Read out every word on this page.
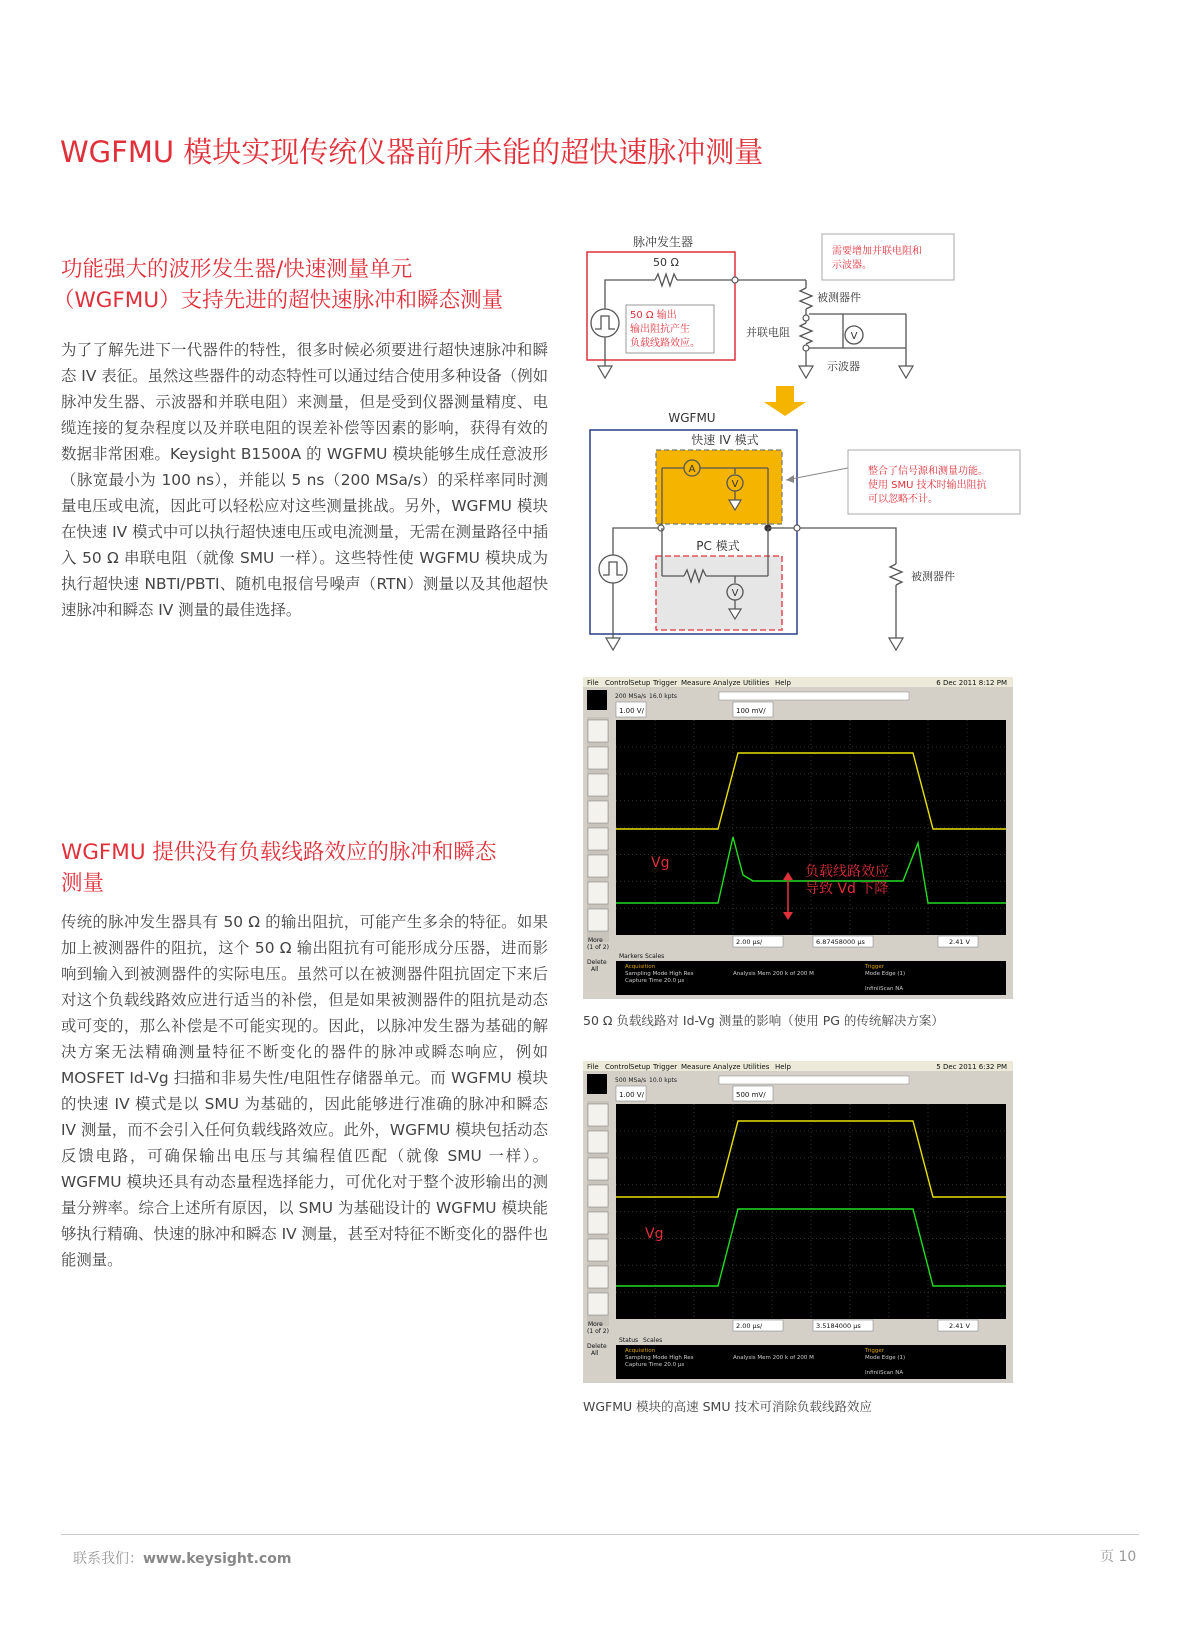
WGFMU 模块实现传统仪器前所未能的超快速脉冲测量
功能强大的波形发生器/快速测量单元
（WGFMU）支持先进的超快速脉冲和瞬态测量
为了了解先进下一代器件的特性，很多时候必须要进行超快速脉冲和瞬态 IV 表征。虽然这些器件的动态特性可以通过结合使用多种设备（例如脉冲发生器、示波器和并联电阻）来测量，但是受到仪器测量精度、电缆连接的复杂程度以及并联电阻的误差补偿等因素的影响，获得有效的数据非常困难。Keysight B1500A 的 WGFMU 模块能够生成任意波形（脉宽最小为 100 ns），并能以 5 ns（200 MSa/s）的采样率同时测量电压或电流，因此可以轻松应对这些测量挑战。另外，WGFMU 模块在快速 IV 模式中可以执行超快速电压或电流测量，无需在测量路径中插入 50 Ω 串联电阻（就像 SMU 一样）。这些特性使 WGFMU 模块成为执行超快速 NBTI/PBTI、随机电报信号噪声（RTN）测量以及其他超快速脉冲和瞬态 IV 测量的最佳选择。
WGFMU 提供没有负载线路效应的脉冲和瞬态
测量
传统的脉冲发生器具有 50 Ω 的输出阻抗，可能产生多余的特征。如果加上被测器件的阻抗，这个 50 Ω 输出阻抗有可能形成分压器，进而影响到输入到被测器件的实际电压。虽然可以在被测器件阻抗固定下来后对这个负载线路效应进行适当的补偿，但是如果被测器件的阻抗是动态或可变的，那么补偿是不可能实现的。因此，以脉冲发生器为基础的解决方案无法精确测量特征不断变化的器件的脉冲或瞬态响应，例如 MOSFET Id-Vg 扫描和非易失性/电阻性存储器单元。而 WGFMU 模块的快速 IV 模式是以 SMU 为基础的，因此能够进行准确的脉冲和瞬态 IV 测量，而不会引入任何负载线路效应。此外，WGFMU 模块包括动态反馈电路，可确保输出电压与其编程值匹配（就像 SMU 一样）。WGFMU 模块还具有动态量程选择能力，可优化对于整个波形输出的测量分辨率。综合上述所有原因，以 SMU 为基础设计的 WGFMU 模块能够执行精确、快速的脉冲和瞬态 IV 测量，甚至对特征不断变化的器件也能测量。
脉冲发生器
50 Ω
50 Ω 输出
输出阻抗产生
负载线路效应。
需要增加并联电阻和
示波器。
被测器件
并联电阻	V
示波器
WGFMU
快速 IV 模式
A
V
整合了信号源和测量功能。
使用 SMU 技术时输出阻抗
可以忽略不计。
被测器件
PC 模式
V
File Control Setup Trigger Measure Analyze Utilities Help	6 Dec 2011 8:12 PM
200 MSa/s 16.0 kpts
1.00 V/	100 mV/
Vg
负载线路效应
导致 Vd 下降
More
(1 of 2)
Delete
All
2.00 μs/	6.87458000 μs	2.41 V
Markers Scales
Acquisition
Sampling Mode High Res
Capture Time 20.0 μs
Analysis Mem 200 k of 200 M
Trigger
Mode Edge (1)
InfiniiScan NA
50 Ω 负载线路对 Id-Vg 测量的影响（使用 PG 的传统解决方案）
File Control Setup Trigger Measure Analyze Utilities Help	5 Dec 2011 6:32 PM
500 MSa/s 10.0 kpts
1.00 V/	500 mV/
Vg
More
(1 of 2)
Delete
All
2.00 μs/	3.5184000 μs	2.41 V
Status Scales
Acquisition
Sampling Mode High Res
Capture Time 20.0 μs
Analysis Mem 200 k of 200 M
Trigger
Mode Edge (1)
InfiniiScan NA
WGFMU 模块的高速 SMU 技术可消除负载线路效应
联系我们：www.keysight.com	页 10
